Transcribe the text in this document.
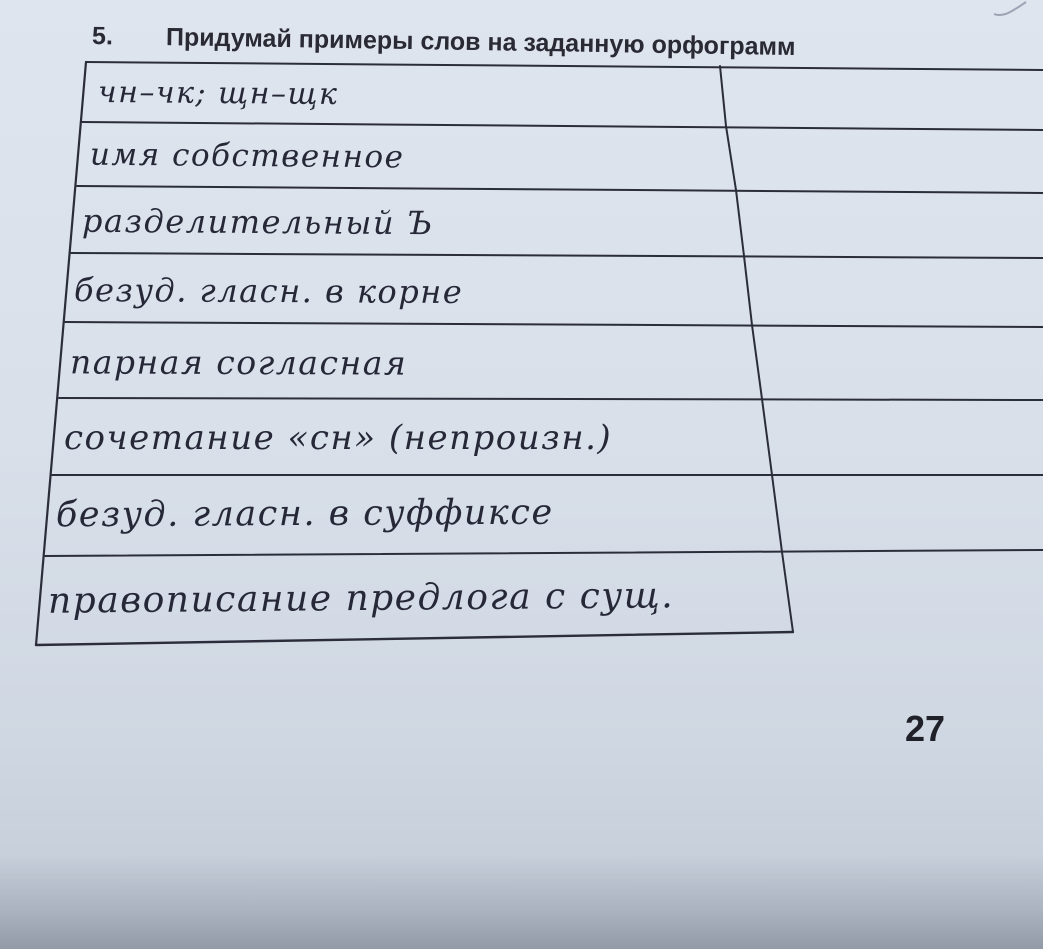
5. Придумай примеры слов на заданную орфограмм
чн–чк; щн–щк
имя собственное
разделительный Ъ
безуд. гласн. в корне
парная согласная
сочетание «сн» (непроизн.)
безуд. гласн. в суффиксе
правописание предлога с сущ.
27
